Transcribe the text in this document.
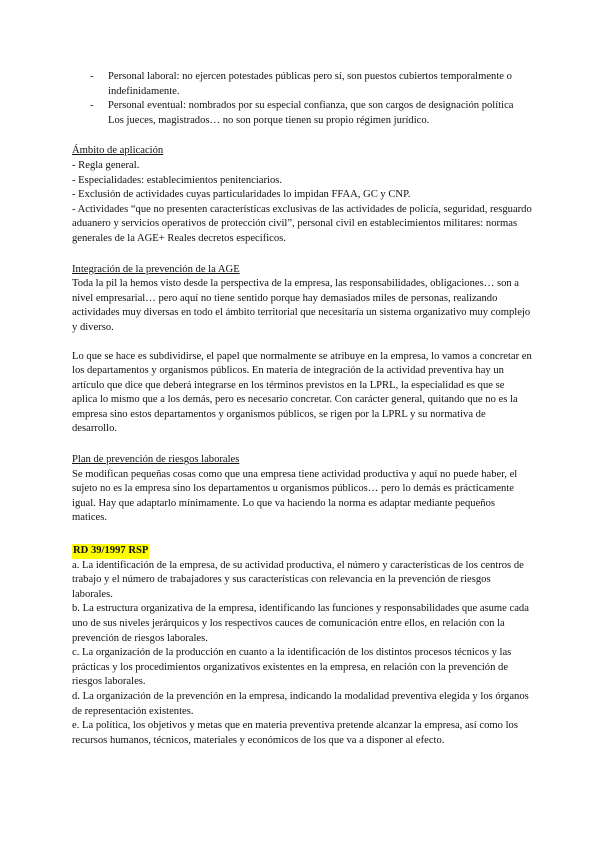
- Personal laboral: no ejercen potestades públicas pero sí, son puestos cubiertos temporalmente o indefinidamente.
- Personal eventual: nombrados por su especial confianza, que son cargos de designación política Los jueces, magistrados… no son porque tienen su propio régimen jurídico.
Ámbito de aplicación
- Regla general.
- Especialidades: establecimientos penitenciarios.
- Exclusión de actividades cuyas particularidades lo impidan FFAA, GC y CNP.
- Actividades “que no presenten características exclusivas de las actividades de policía, seguridad, resguardo aduanero y servicios operativos de protección civil”, personal civil en establecimientos militares: normas generales de la AGE+ Reales decretos específicos.
Integración de la prevención de la AGE

Toda la pil la hemos visto desde la perspectiva de la empresa, las responsabilidades, obligaciones… son a nivel empresarial… pero aquí no tiene sentido porque hay demasiados miles de personas, realizando actividades muy diversas en todo el ámbito territorial que necesitaría un sistema organizativo muy complejo y diverso.

Lo que se hace es subdividirse, el papel que normalmente se atribuye en la empresa, lo vamos a concretar en los departamentos y organismos públicos. En materia de integración de la actividad preventiva hay un artículo que dice que deberá integrarse en los términos previstos en la LPRL, la especialidad es que se aplica lo mismo que a los demás, pero es necesario concretar. Con carácter general, quitando que no es la empresa sino estos departamentos y organismos públicos, se rigen por la LPRL y su normativa de desarrollo.

Plan de prevención de riesgos laborales

Se modifican pequeñas cosas como que una empresa tiene actividad productiva y aquí no puede haber, el sujeto no es la empresa sino los departamentos u organismos públicos… pero lo demás es prácticamente igual. Hay que adaptarlo mínimamente. Lo que va haciendo la norma es adaptar mediante pequeños matices.

RD 39/1997 RSP
a. La identificación de la empresa, de su actividad productiva, el número y características de los centros de trabajo y el número de trabajadores y sus características con relevancia en la prevención de riesgos laborales.
b. La estructura organizativa de la empresa, identificando las funciones y responsabilidades que asume cada uno de sus niveles jerárquicos y los respectivos cauces de comunicación entre ellos, en relación con la prevención de riesgos laborales.
c. La organización de la producción en cuanto a la identificación de los distintos procesos técnicos y las prácticas y los procedimientos organizativos existentes en la empresa, en relación con la prevención de riesgos laborales.
d. La organización de la prevención en la empresa, indicando la modalidad preventiva elegida y los órganos de representación existentes.
e. La política, los objetivos y metas que en materia preventiva pretende alcanzar la empresa, así como los recursos humanos, técnicos, materiales y económicos de los que va a disponer al efecto.
